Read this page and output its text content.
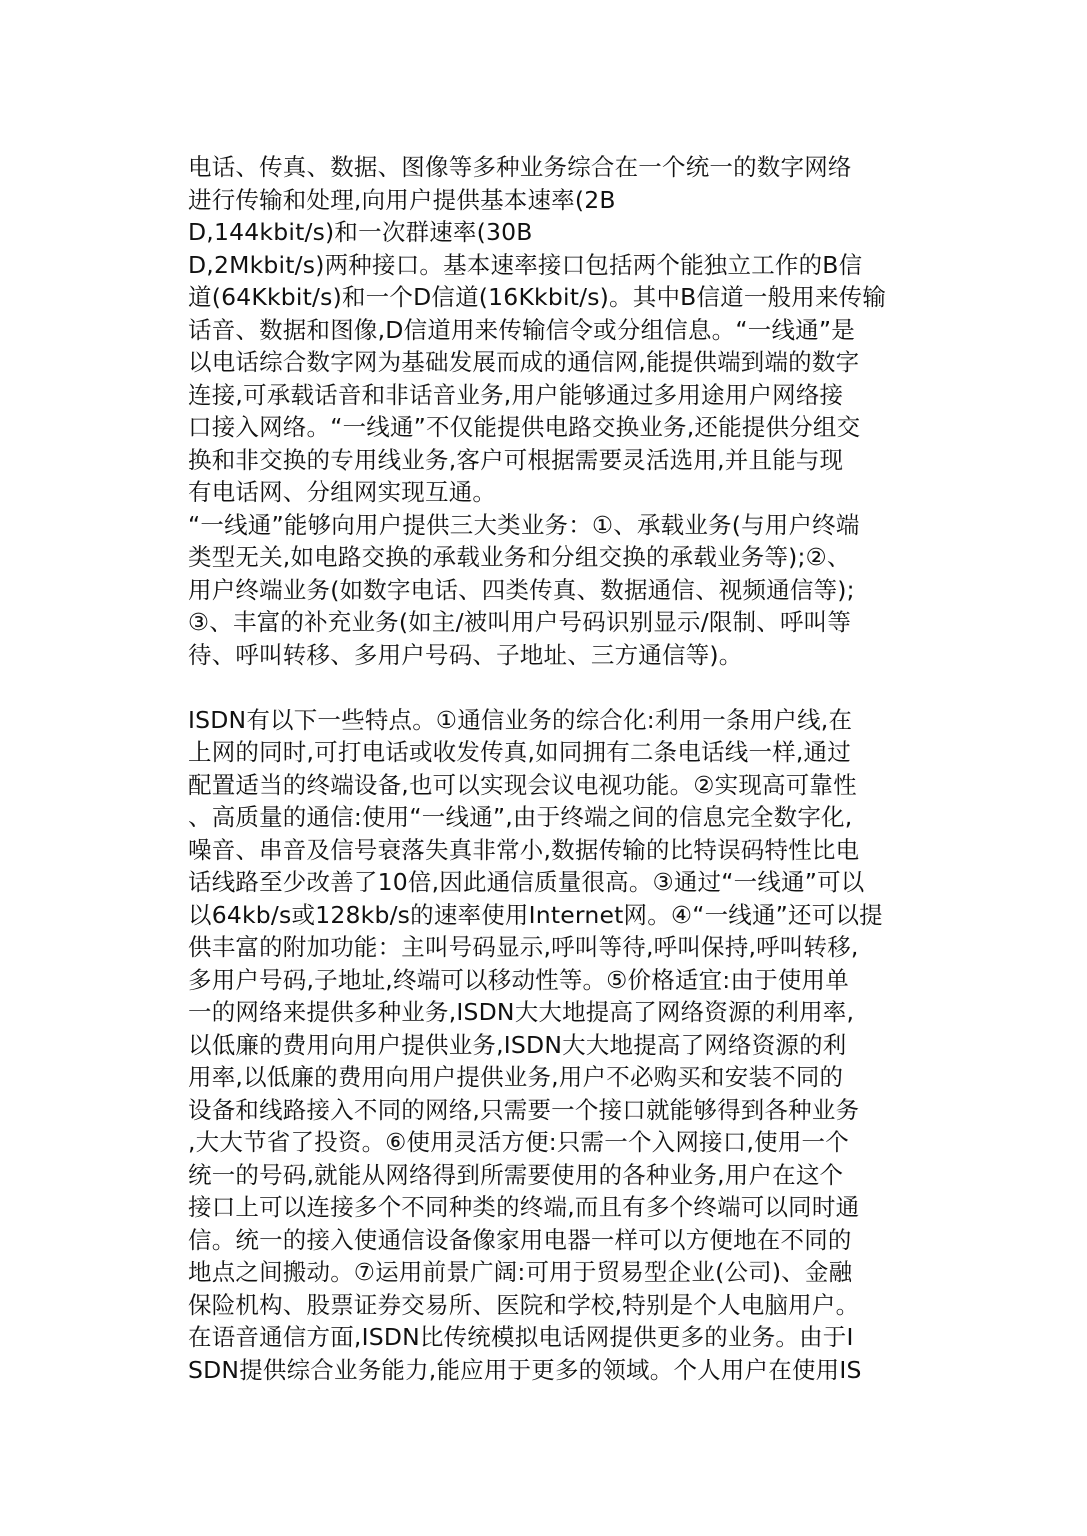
电话、传真、数据、图像等多种业务综合在一个统一的数字网络
进行传输和处理,向用户提供基本速率(2B
D,144kbit/s)和一次群速率(30B
D,2Mkbit/s)两种接口。基本速率接口包括两个能独立工作的B信
道(64Kkbit/s)和一个D信道(16Kkbit/s)。其中B信道一般用来传输
话音、数据和图像,D信道用来传输信令或分组信息。“一线通”是
以电话综合数字网为基础发展而成的通信网,能提供端到端的数字
连接,可承载话音和非话音业务,用户能够通过多用途用户网络接
口接入网络。“一线通”不仅能提供电路交换业务,还能提供分组交
换和非交换的专用线业务,客户可根据需要灵活选用,并且能与现
有电话网、分组网实现互通。
“一线通”能够向用户提供三大类业务：①、承载业务(与用户终端
类型无关,如电路交换的承载业务和分组交换的承载业务等);②、
用户终端业务(如数字电话、四类传真、数据通信、视频通信等);
③、丰富的补充业务(如主/被叫用户号码识别显示/限制、呼叫等
待、呼叫转移、多用户号码、子地址、三方通信等)。
ISDN有以下一些特点。①通信业务的综合化:利用一条用户线,在
上网的同时,可打电话或收发传真,如同拥有二条电话线一样,通过
配置适当的终端设备,也可以实现会议电视功能。②实现高可靠性
、高质量的通信:使用“一线通”,由于终端之间的信息完全数字化,
噪音、串音及信号衰落失真非常小,数据传输的比特误码特性比电
话线路至少改善了10倍,因此通信质量很高。③通过“一线通”可以
以64kb/s或128kb/s的速率使用Internet网。④“一线通”还可以提
供丰富的附加功能：主叫号码显示,呼叫等待,呼叫保持,呼叫转移,
多用户号码,子地址,终端可以移动性等。⑤价格适宜:由于使用单
一的网络来提供多种业务,ISDN大大地提高了网络资源的利用率,
以低廉的费用向用户提供业务,ISDN大大地提高了网络资源的利
用率,以低廉的费用向用户提供业务,用户不必购买和安装不同的
设备和线路接入不同的网络,只需要一个接口就能够得到各种业务
,大大节省了投资。⑥使用灵活方便:只需一个入网接口,使用一个
统一的号码,就能从网络得到所需要使用的各种业务,用户在这个
接口上可以连接多个不同种类的终端,而且有多个终端可以同时通
信。统一的接入使通信设备像家用电器一样可以方便地在不同的
地点之间搬动。⑦运用前景广阔:可用于贸易型企业(公司)、金融
保险机构、股票证券交易所、医院和学校,特别是个人电脑用户。
在语音通信方面,ISDN比传统模拟电话网提供更多的业务。由于I
SDN提供综合业务能力,能应用于更多的领域。个人用户在使用IS
